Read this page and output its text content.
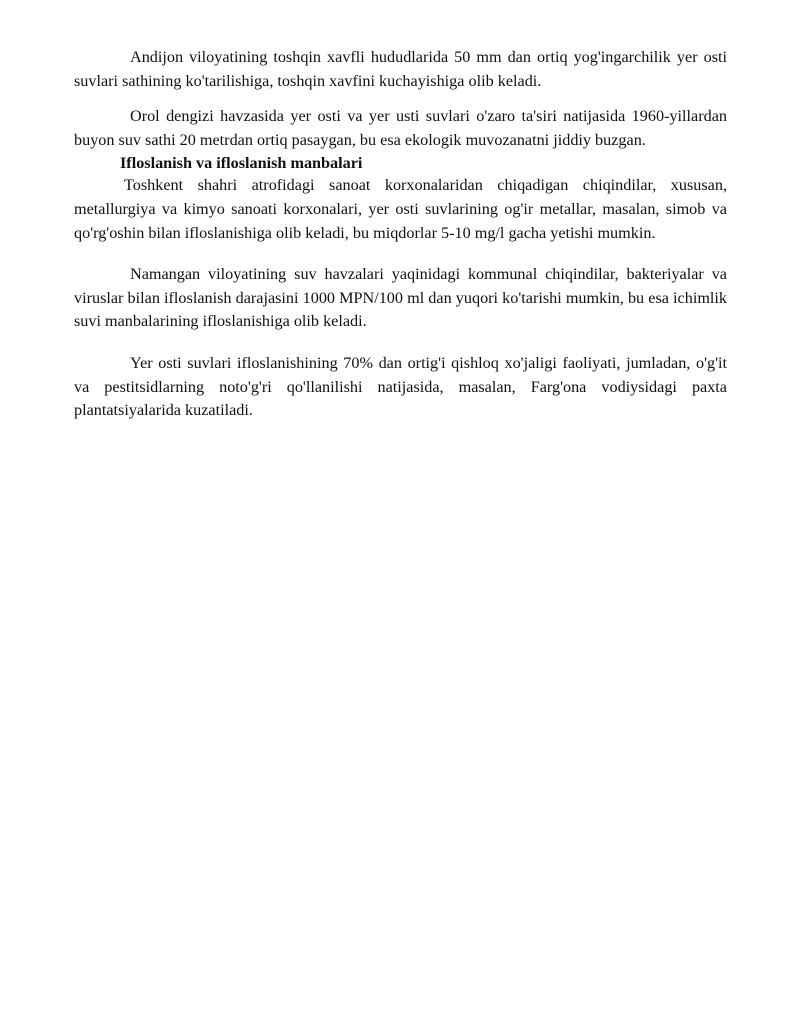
Andijon viloyatining toshqin xavfli hududlarida 50 mm dan ortiq yog'ingarchilik yer osti suvlari sathining ko'tarilishiga, toshqin xavfini kuchayishiga olib keladi.

Orol dengizi havzasida yer osti va yer usti suvlari o'zaro ta'siri natijasida 1960-yillardan buyon suv sathi 20 metrdan ortiq pasaygan, bu esa ekologik muvozanatni jiddiy buzgan.

Ifloslanish va ifloslanish manbalari

Toshkent shahri atrofidagi sanoat korxonalaridan chiqadigan chiqindilar, xususan, metallurgiya va kimyo sanoati korxonalari, yer osti suvlarining og'ir metallar, masalan, simob va qo'rg'oshin bilan ifloslanishiga olib keladi, bu miqdorlar 5-10 mg/l gacha yetishi mumkin.

Namangan viloyatining suv havzalari yaqinidagi kommunal chiqindilar, bakteriyalar va viruslar bilan ifloslanish darajasini 1000 MPN/100 ml dan yuqori ko'tarishi mumkin, bu esa ichimlik suvi manbalarining ifloslanishiga olib keladi.

Yer osti suvlari ifloslanishining 70% dan ortig'i qishloq xo'jaligi faoliyati, jumladan, o'g'it va pestitsidlarning noto'g'ri qo'llanilishi natijasida, masalan, Farg'ona vodiysidagi paxta plantatsiyalarida kuzatiladi.
